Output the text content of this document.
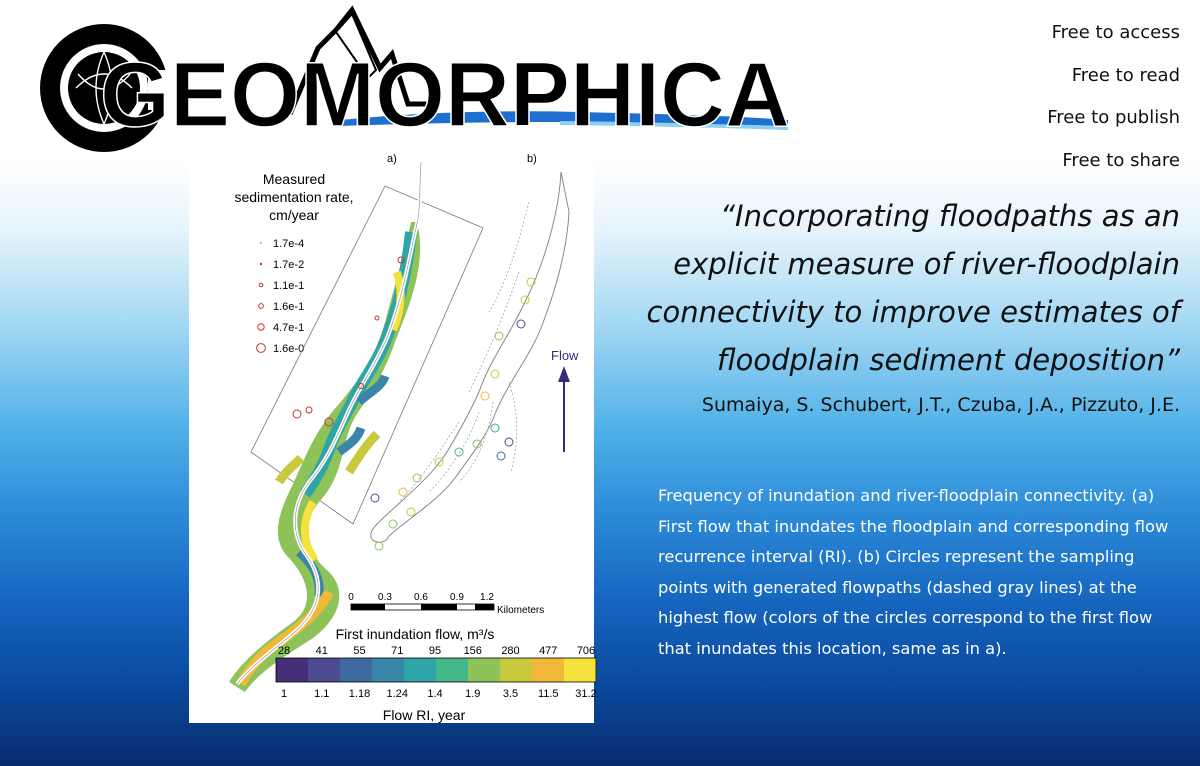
GEOMORPHICA
Free to access
Free to read
Free to publish
Free to share
a)	b)
Measured
sedimentation rate,
cm/year
1.7e-4
1.7e-2
1.1e-1
1.6e-1
4.7e-1
1.6e-0	Flow
0 0.3 0.6 0.9 1.2
Kilometers
First inundation flow, m³/s
28 41 55 71 95 156 280 477 706
1 1.1 1.18 1.24 1.4 1.9 3.5 11.5 31.2
Flow RI, year
“Incorporating floodpaths as an explicit measure of river-floodplain connectivity to improve estimates of floodplain sediment deposition”
Sumaiya, S. Schubert, J.T., Czuba, J.A., Pizzuto, J.E.
Frequency of inundation and river-floodplain connectivity. (a) First flow that inundates the floodplain and corresponding flow recurrence interval (RI). (b) Circles represent the sampling points with generated flowpaths (dashed gray lines) at the highest flow (colors of the circles correspond to the first flow that inundates this location, same as in a).
